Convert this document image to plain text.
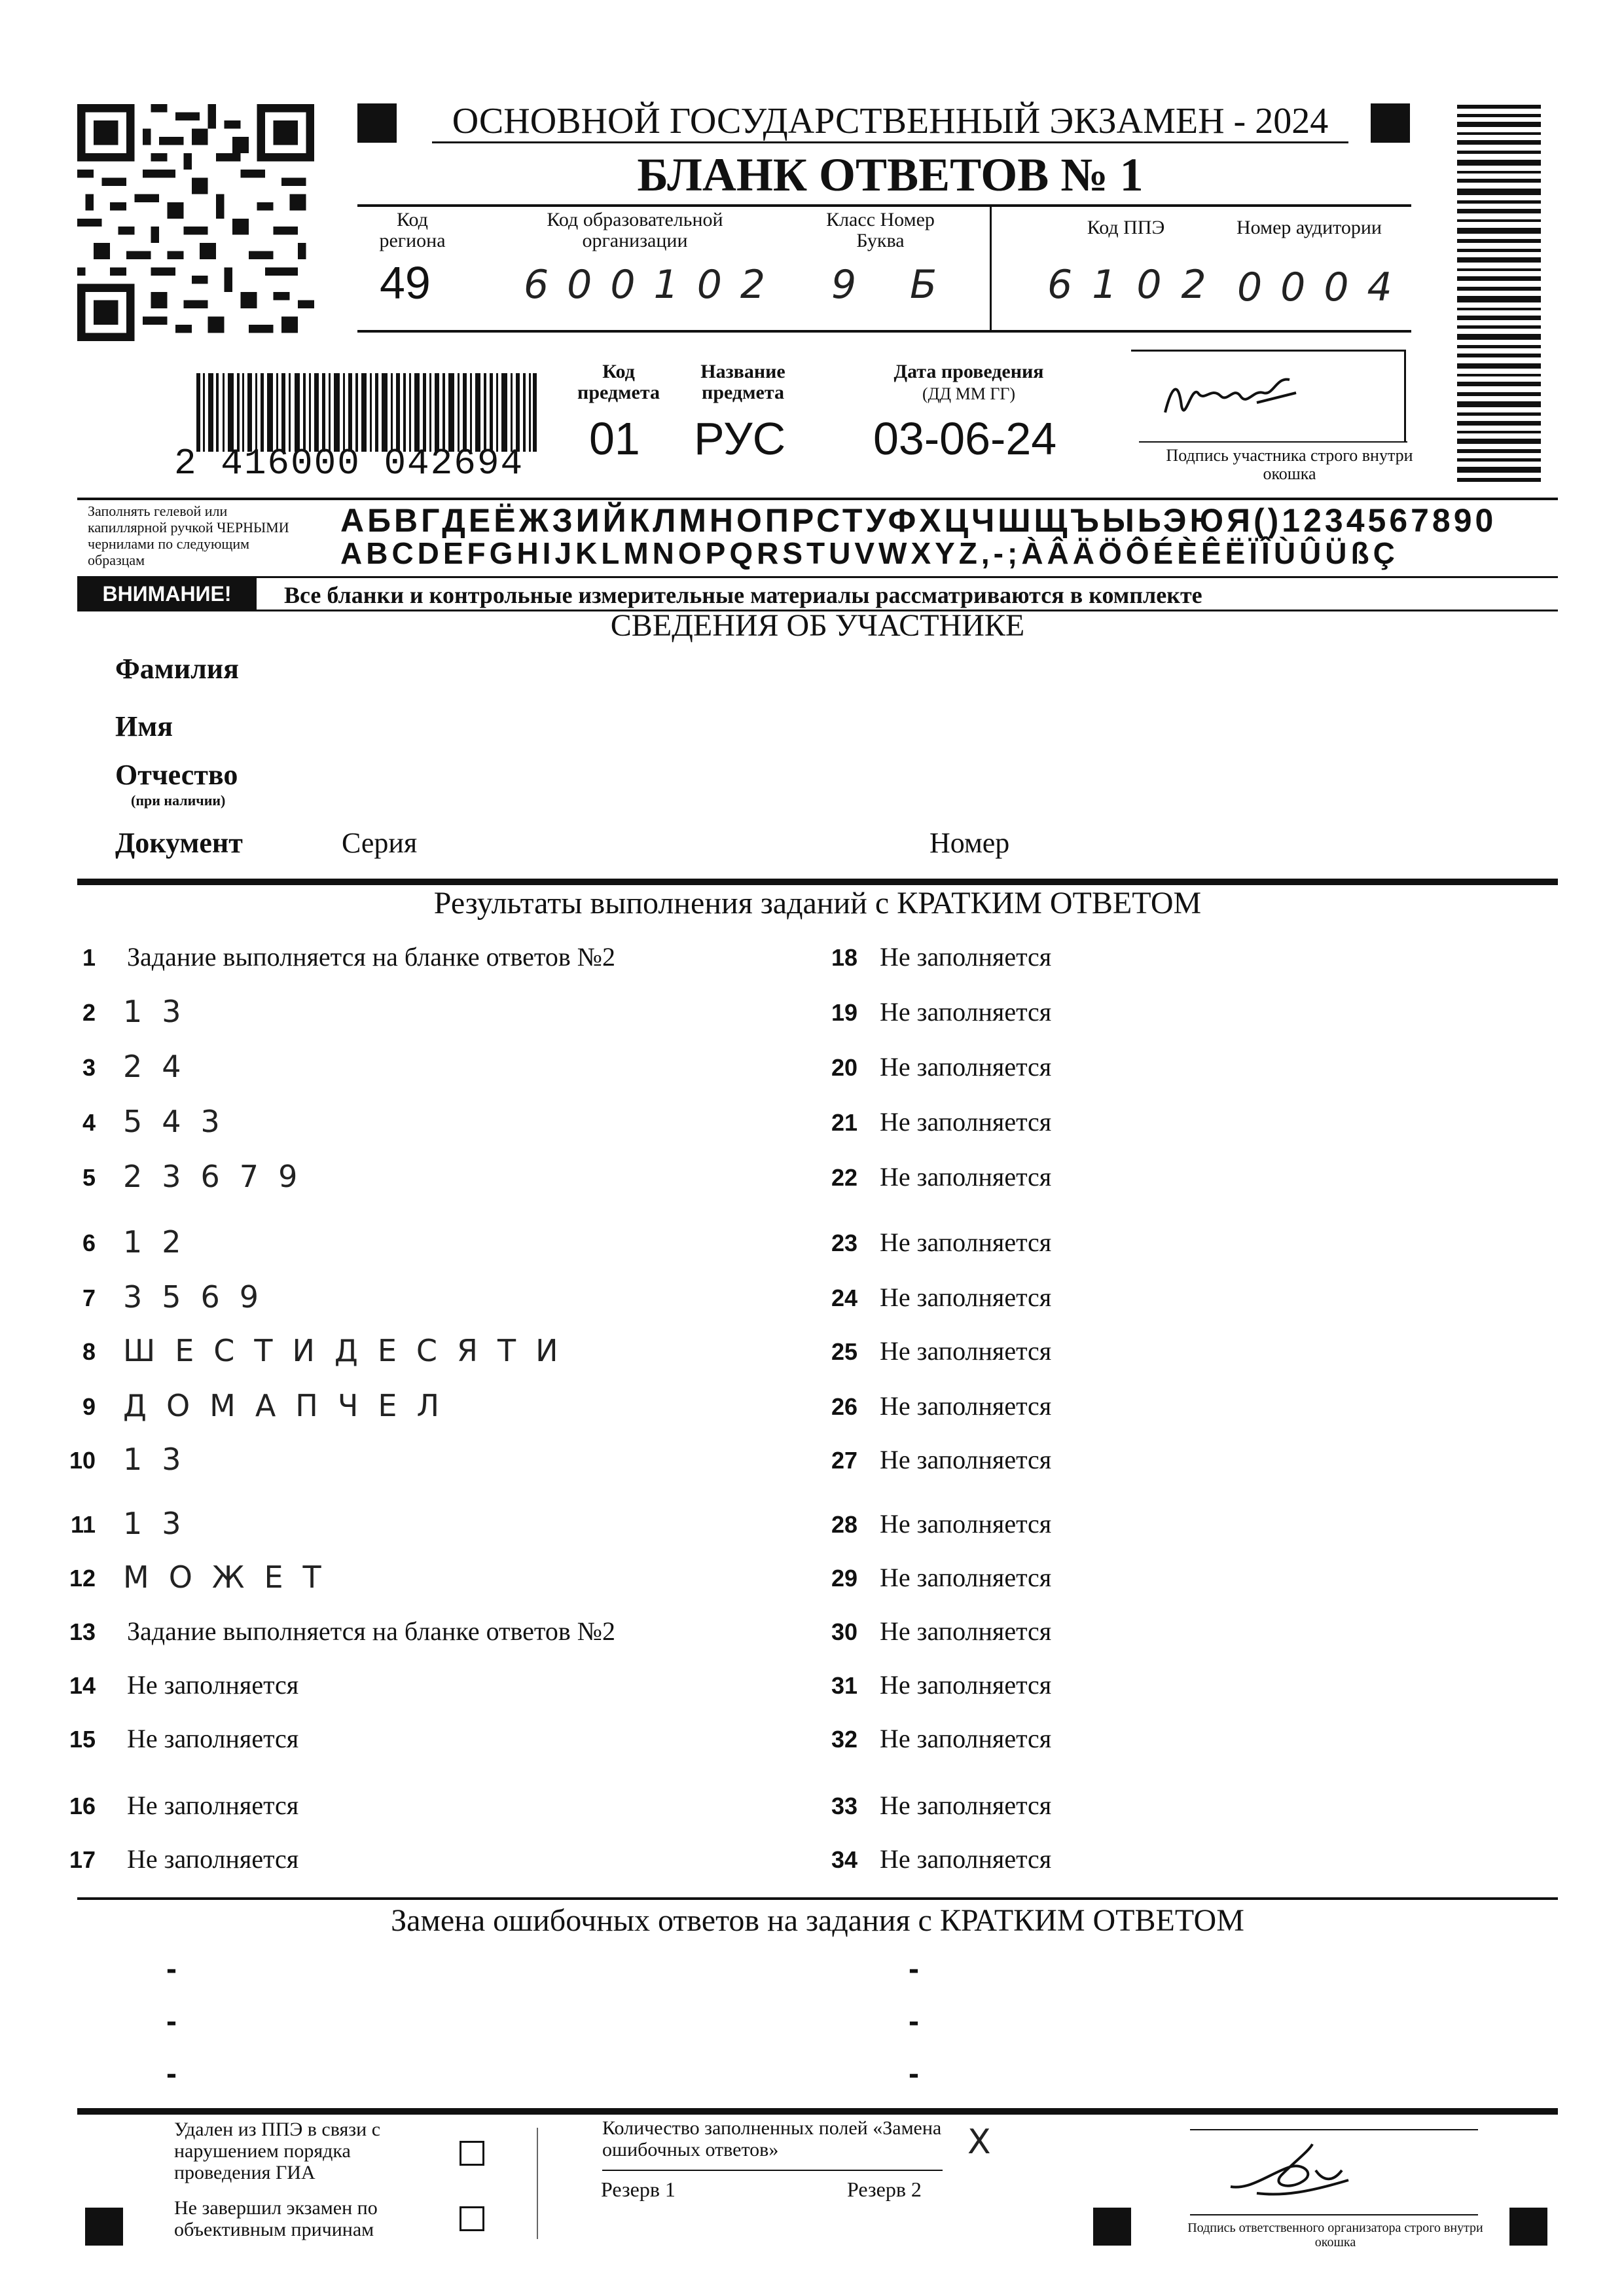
ОСНОВНОЙ ГОСУДАРСТВЕННЫЙ ЭКЗАМЕН - 2024
БЛАНК ОТВЕТОВ № 1
Код региона
49
Код образовательной организации
600102
Класс Номер Буква
9 Б
Код ППЭ
6102
Номер аудитории
0004
2 416000 042694
Код предмета
01
Название предмета
РУС
Дата проведения
(ДД ММ ГГ)
03-06-24	Подпись участника строго внутри окошка
Заполнять гелевой или капиллярной ручкой ЧЕРНЫМИ чернилами по следующим образцам
АБВГДЕЁЖЗИЙКЛМНОПРСТУФХЦЧШЩЪЫЬЭЮЯ()1234567890
ABCDEFGHIJKLMNOPQRSTUVWXYZ,-;ÀÂÄÖÔÉÈÊËÏÎÙÛÜßÇ
ВНИМАНИЕ!	Все бланки и контрольные измерительные материалы рассматриваются в комплекте
СВЕДЕНИЯ ОБ УЧАСТНИКЕ
Фамилия
Имя
Отчество
(при наличии)
Документ	Серия	Номер
Результаты выполнения заданий с КРАТКИМ ОТВЕТОМ
1 Задание выполняется на бланке ответов №2
2 13
3 24
4 543
5 23679
6 12
7 3569
8 ШЕСТИДЕСЯТИ
9 ДОМАПЧЕЛ
10 13
11 13
12 МОЖЕТ
13 Задание выполняется на бланке ответов №2
14 Не заполняется
15 Не заполняется
16 Не заполняется
17 Не заполняется
18 Не заполняется
19 Не заполняется
20 Не заполняется
21 Не заполняется
22 Не заполняется
23 Не заполняется
24 Не заполняется
25 Не заполняется
26 Не заполняется
27 Не заполняется
28 Не заполняется
29 Не заполняется
30 Не заполняется
31 Не заполняется
32 Не заполняется
33 Не заполняется
34 Не заполняется
Замена ошибочных ответов на задания с КРАТКИМ ОТВЕТОМ
-
-
-
-
-
-
Удален из ППЭ в связи с нарушением порядка проведения ГИА
Не завершил экзамен по объективным причинам
Количество заполненных полей «Замена ошибочных ответов»	X
Резерв 1	Резерв 2
Подпись ответственного организатора строго внутри окошка
